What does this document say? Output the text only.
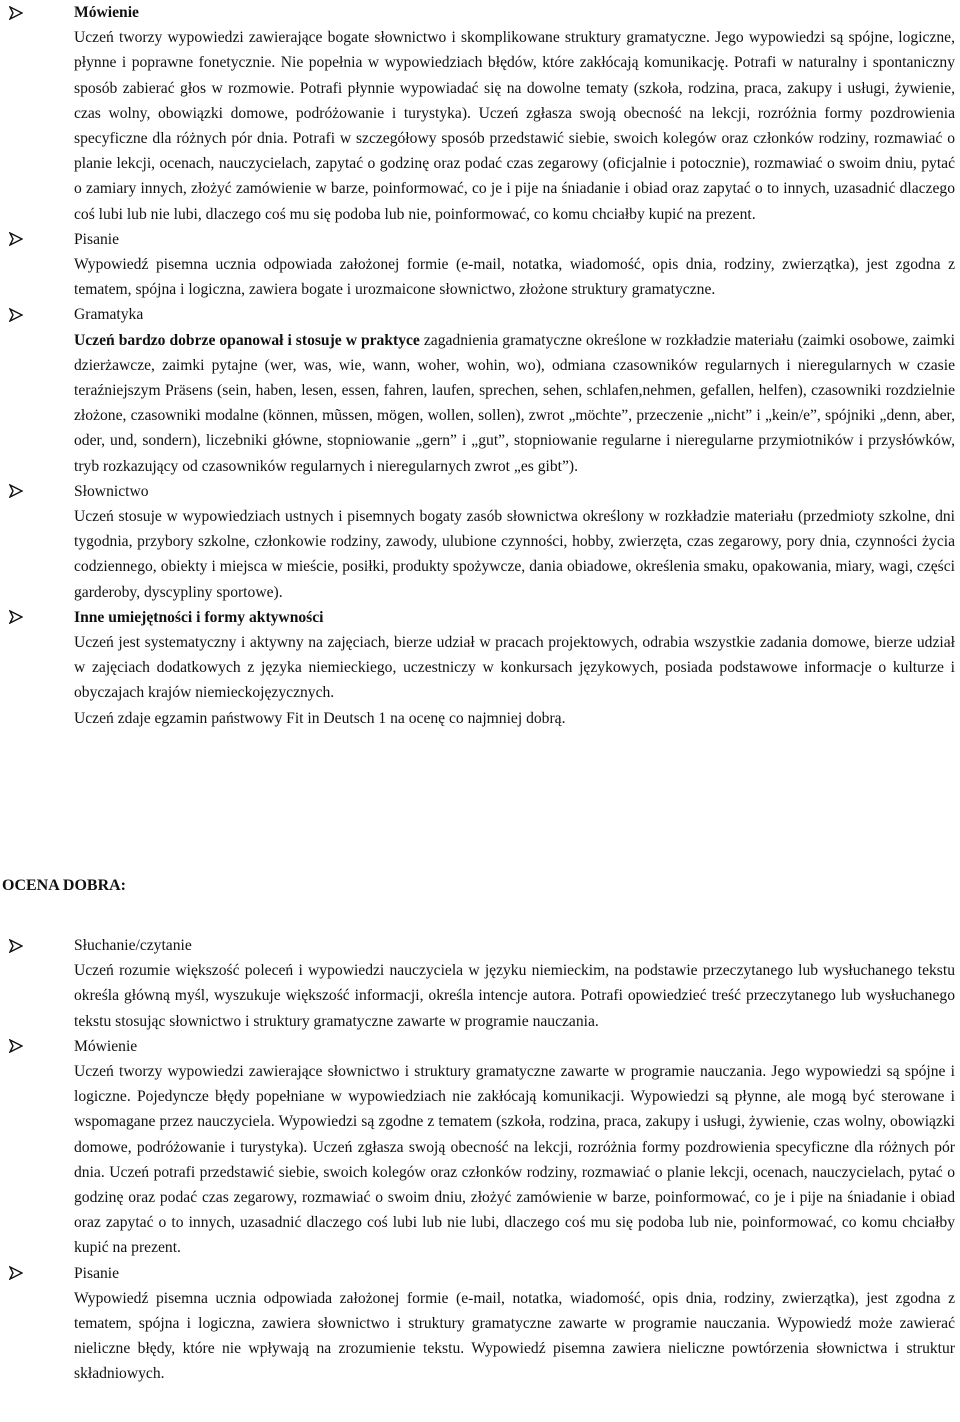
Mówienie

Uczeń tworzy wypowiedzi zawierające bogate słownictwo i skomplikowane struktury gramatyczne. Jego wypowiedzi są spójne, logiczne, płynne i poprawne fonetycznie. Nie popełnia w wypowiedziach błędów, które zakłócają komunikację. Potrafi w naturalny i spontaniczny sposób zabierać głos w rozmowie. Potrafi płynnie wypowiadać się na dowolne tematy (szkoła, rodzina, praca, zakupy i usługi, żywienie, czas wolny, obowiązki domowe, podróżowanie i turystyka). Uczeń zgłasza swoją obecność na lekcji, rozróżnia formy pozdrowienia specyficzne dla różnych pór dnia. Potrafi w szczegółowy sposób przedstawić siebie, swoich kolegów oraz członków rodziny, rozmawiać o planie lekcji, ocenach, nauczycielach, zapytać o godzinę oraz podać czas zegarowy (oficjalnie i potocznie), rozmawiać o swoim dniu, pytać o zamiary innych, złożyć zamówienie w barze, poinformować, co je i pije na śniadanie i obiad oraz zapytać o to innych, uzasadnić dlaczego coś lubi lub nie lubi, dlaczego coś mu się podoba lub nie, poinformować, co komu chciałby kupić na prezent.

Pisanie

Wypowiedź pisemna ucznia odpowiada założonej formie (e-mail, notatka, wiadomość, opis dnia, rodziny, zwierzątka), jest zgodna z tematem, spójna i logiczna, zawiera bogate i urozmaicone słownictwo, złożone struktury gramatyczne.

Gramatyka

Uczeń bardzo dobrze opanował i stosuje w praktyce zagadnienia gramatyczne określone w rozkładzie materiału (zaimki osobowe, zaimki dzierżawcze, zaimki pytajne (wer, was, wie, wann, woher, wohin, wo), odmiana czasowników regularnych i nieregularnych w czasie teraźniejszym Präsens (sein, haben, lesen, essen, fahren, laufen, sprechen, sehen, schlafen,nehmen, gefallen, helfen), czasowniki rozdzielnie złożone, czasowniki modalne (können, mũssen, mögen, wollen, sollen), zwrot „möchte”, przeczenie „nicht” i „kein/e”, spójniki „denn, aber, oder, und, sondern), liczebniki główne, stopniowanie „gern” i „gut”, stopniowanie regularne i nieregularne przymiotników i przysłówków, tryb rozkazujący od czasowników regularnych i nieregularnych zwrot „es gibt”).

Słownictwo

Uczeń stosuje w wypowiedziach ustnych i pisemnych bogaty zasób słownictwa określony w rozkładzie materiału (przedmioty szkolne, dni tygodnia, przybory szkolne, członkowie rodziny, zawody, ulubione czynności, hobby, zwierzęta, czas zegarowy, pory dnia, czynności życia codziennego, obiekty i miejsca w mieście, posiłki, produkty spożywcze, dania obiadowe, określenia smaku, opakowania, miary, wagi, części garderoby, dyscypliny sportowe).

Inne umiejętności i formy aktywności

Uczeń jest systematyczny i aktywny na zajęciach, bierze udział w pracach projektowych, odrabia wszystkie zadania domowe, bierze udział w zajęciach dodatkowych z języka niemieckiego, uczestniczy w konkursach językowych, posiada podstawowe informacje o kulturze i obyczajach krajów niemieckojęzycznych.

Uczeń zdaje egzamin państwowy Fit in Deutsch 1 na ocenę co najmniej dobrą.

OCENA DOBRA:
Słuchanie/czytanie

Uczeń rozumie większość poleceń i wypowiedzi nauczyciela w języku niemieckim, na podstawie przeczytanego lub wysłuchanego tekstu określa główną myśl, wyszukuje większość informacji, określa intencje autora. Potrafi opowiedzieć treść przeczytanego lub wysłuchanego tekstu stosując słownictwo i struktury gramatyczne zawarte w programie nauczania.

Mówienie

Uczeń tworzy wypowiedzi zawierające słownictwo i struktury gramatyczne zawarte w programie nauczania. Jego wypowiedzi są spójne i logiczne. Pojedyncze błędy popełniane w wypowiedziach nie zakłócają komunikacji. Wypowiedzi są płynne, ale mogą być sterowane i wspomagane przez nauczyciela. Wypowiedzi są zgodne z tematem (szkoła, rodzina, praca, zakupy i usługi, żywienie, czas wolny, obowiązki domowe, podróżowanie i turystyka). Uczeń zgłasza swoją obecność na lekcji, rozróżnia formy pozdrowienia specyficzne dla różnych pór dnia. Uczeń potrafi przedstawić siebie, swoich kolegów oraz członków rodziny, rozmawiać o planie lekcji, ocenach, nauczycielach, pytać o godzinę oraz podać czas zegarowy, rozmawiać o swoim dniu, złożyć zamówienie w barze, poinformować, co je i pije na śniadanie i obiad oraz zapytać o to innych, uzasadnić dlaczego coś lubi lub nie lubi, dlaczego coś mu się podoba lub nie, poinformować, co komu chciałby kupić na prezent.

Pisanie

Wypowiedź pisemna ucznia odpowiada założonej formie (e-mail, notatka, wiadomość, opis dnia, rodziny, zwierzątka), jest zgodna z tematem, spójna i logiczna, zawiera słownictwo i struktury gramatyczne zawarte w programie nauczania. Wypowiedź może zawierać nieliczne błędy, które nie wpływają na zrozumienie tekstu. Wypowiedź pisemna zawiera nieliczne powtórzenia słownictwa i struktur składniowych.
